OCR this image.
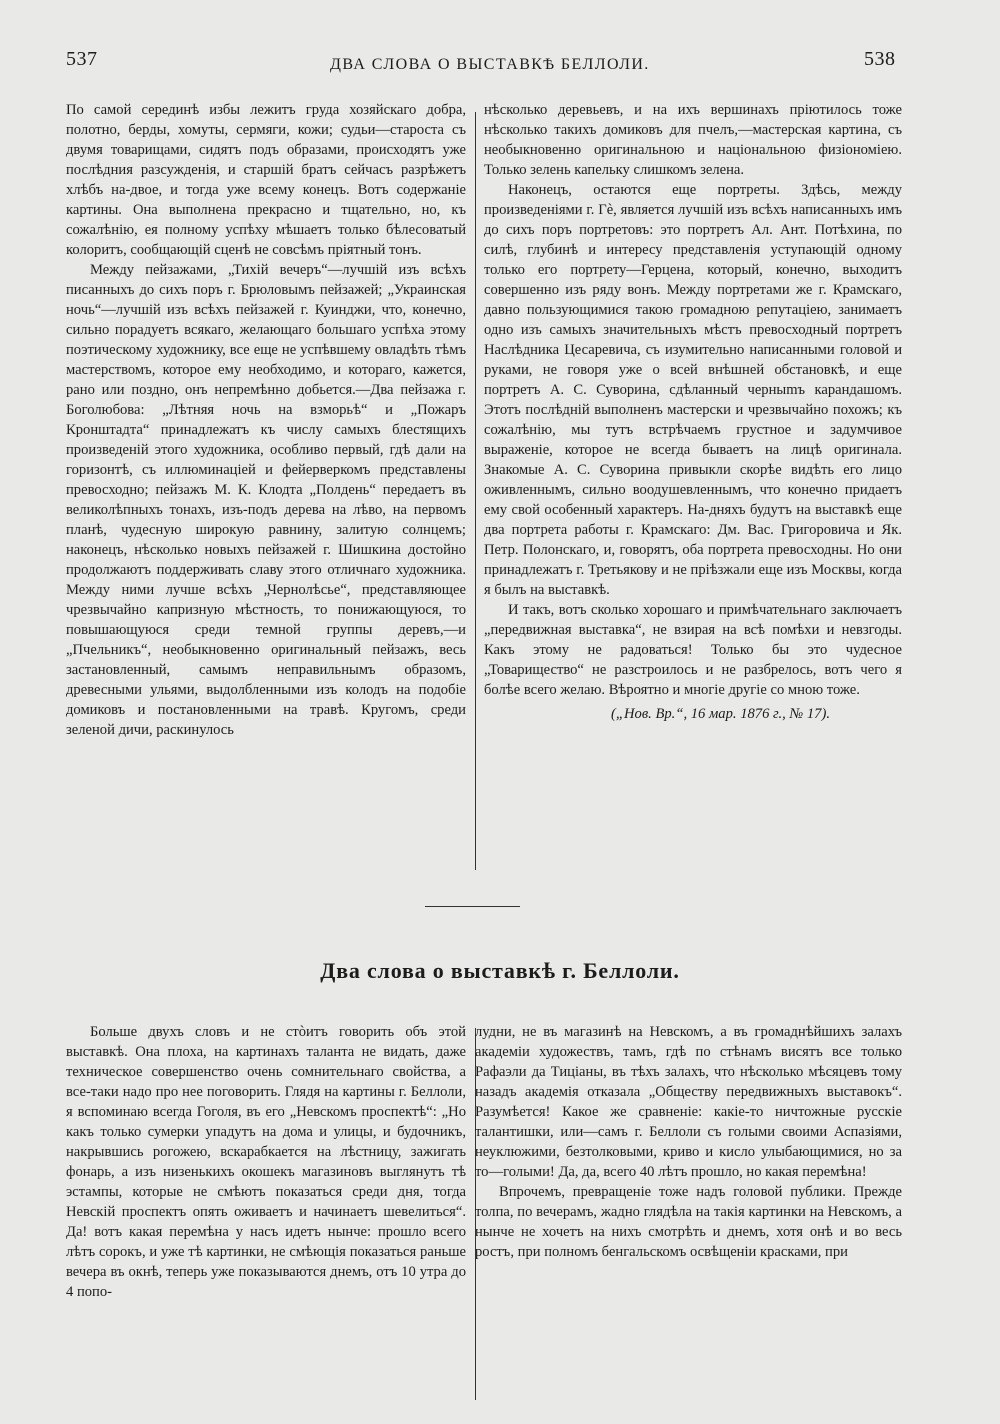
537	ДВА СЛОВА О ВЫСТАВКѢ БЕЛЛОЛИ.	538

По самой серединѣ избы лежитъ груда хозяйскаго добра, полотно, берды, хомуты, сермяги, кожи; судьи—староста съ двумя товарищами, сидятъ подъ образами, происходятъ уже послѣдния разсужденія, и старшій братъ сейчасъ разрѣжетъ хлѣбъ на-двое, и тогда уже всему конецъ. Вотъ содержаніе картины. Она выполнена прекрасно и тщательно, но, къ сожалѣнію, ея полному успѣху мѣшаетъ только бѣлесоватый колоритъ, сообщающій сценѣ не совсѣмъ пріятный тонъ.

Между пейзажами, „Тихій вечеръ“—лучшій изъ всѣхъ писанныхъ до сихъ поръ г. Брюловымъ пейзажей; „Украинская ночь“—лучшій изъ всѣхъ пейзажей г. Куинджи, что, конечно, сильно порадуетъ всякаго, желающаго большаго успѣха этому поэтическому художнику, все еще не успѣвшему овладѣть тѣмъ мастерствомъ, которое ему необходимо, и котораго, кажется, рано или поздно, онъ непремѣнно добьется.—Два пейзажа г. Боголюбова: „Лѣтняя ночь на взморьѣ“ и „Пожаръ Кронштадта“ принадлежатъ къ числу самыхъ блестящихъ произведеній этого художника, особливо первый, гдѣ дали на горизонтѣ, съ иллюминацiей и фейерверкомъ представлены превосходно; пейзажъ М. К. Клодта „Полдень“ передаетъ въ великолѣпныхъ тонахъ, изъ-подъ дерева на лѣво, на первомъ планѣ, чудесную широкую равнину, залитую солнцемъ; наконецъ, нѣсколько новыхъ пейзажей г. Шишкина достойно продолжаютъ поддерживать славу этого отличнаго художника. Между ними лучше всѣхъ „Чернолѣсье“, представляющее чрезвычайно капризную мѣстность, то понижающуюся, то повышающуюся среди темной группы деревъ,—и „Пчельникъ“, необыкновенно оригинальный пейзажъ, весь застановленный, самымъ неправильнымъ образомъ, древесными ульями, выдолбленными изъ колодъ на подобіе домиковъ и постановленными на травѣ. Кругомъ, среди зеленой дичи, раскинулось

нѣсколько деревьевъ, и на ихъ вершинахъ пріютилось тоже нѣсколько такихъ домиковъ для пчелъ,—мастерская картина, съ необыкновенно оригинальною и національною физіономіею. Только зелень капельку слишкомъ зелена.

Наконецъ, остаются еще портреты. Здѣсь, между произведеніями г. Гè, является лучшій изъ всѣхъ написанныхъ имъ до сихъ поръ портретовъ: это портретъ Ал. Ант. Потѣхина, по силѣ, глубинѣ и интересу представленія уступающій одному только его портрету—Герцена, который, конечно, выходитъ совершенно изъ ряду вонъ. Между портретами же г. Крамскаго, давно пользующимися такою громадною репутацiею, занимаетъ одно изъ самыхъ значительныхъ мѣстъ превосходный портретъ Наслѣдника Цесаревича, съ изумительно написанными головой и руками, не говоря уже о всей внѣшней обстановкѣ, и еще портретъ А. С. Суворина, сдѣланный черныmъ карандашомъ. Этотъ послѣдній выполненъ мастерски и чрезвычайно похожъ; къ сожалѣнію, мы тутъ встрѣчаемъ грустное и задумчивое выраженіе, которое не всегда бываетъ на лицѣ оригинала. Знакомые А. С. Суворина привыкли скорѣе видѣть его лицо оживленнымъ, сильно воодушевленнымъ, что конечно придаетъ ему свой особенный характеръ. На-дняхъ будутъ на выставкѣ еще два портрета работы г. Крамскаго: Дм. Вас. Григоровича и Як. Петр. Полонскаго, и, говорятъ, оба портрета превосходны. Но они принадлежатъ г. Третьякову и не пріѣзжали еще изъ Москвы, когда я былъ на выставкѣ.

И такъ, вотъ сколько хорошаго и примѣчательнаго заключаетъ „передвижная выставка“, не взирая на всѣ помѣхи и невзгоды. Какъ этому не радоваться! Только бы это чудесное „Товарищество“ не разстроилось и не разбрелось, вотъ чего я болѣе всего желаю. Вѣроятно и многіе другіе со мною тоже.

(„Нов. Вр.“, 16 мар. 1876 г., № 17).

Два слова о выставкѣ г. Беллоли.

Больше двухъ словъ и не стòитъ говорить объ этой выставкѣ. Она плоха, на картинахъ таланта не видать, даже техническое совершенство очень сомнительнаго свойства, а все-таки надо про нее поговорить. Глядя на картины г. Беллоли, я вспоминаю всегда Гоголя, въ его „Невскомъ проспектѣ“: „Но какъ только сумерки упадутъ на дома и улицы, и будочникъ, накрывшись рогожею, вскарабкается на лѣстницу, зажигать фонарь, а изъ низенькихъ окошекъ магазиновъ выглянутъ тѣ эстампы, которые не смѣютъ показаться среди дня, тогда Невскій проспектъ опять оживаетъ и начинаетъ шевелиться“. Да! вотъ какая перемѣна у насъ идетъ нынче: прошло всего лѣтъ сорокъ, и уже тѣ картинки, не смѣющія показаться раньше вечера въ окнѣ, теперь уже показываются днемъ, отъ 10 утра до 4 попо-

лудни, не въ магазинѣ на Невскомъ, а въ громаднѣйшихъ залахъ академіи художествъ, тамъ, гдѣ по стѣнамъ висятъ все только Рафаэли да Тиціаны, въ тѣхъ залахъ, что нѣсколько мѣсяцевъ тому назадъ академія отказала „Обществу передвижныхъ выставокъ“. Разумѣется! Какое же сравненіе: какіе-то ничтожные русскіе талантишки, или—самъ г. Беллоли съ голыми своими Аспазіями, неуклюжими, безтолковыми, криво и кисло улыбающимися, но за то—голыми! Да, да, всего 40 лѣтъ прошло, но какая перемѣна!

Впрочемъ, превращеніе тоже надъ головой публики. Прежде толпа, по вечерамъ, жадно глядѣла на такія картинки на Невскомъ, а нынче не хочетъ на нихъ смотрѣть и днемъ, хотя онѣ и во весь ростъ, при полномъ бенгальскомъ освѣщеніи красками, при
